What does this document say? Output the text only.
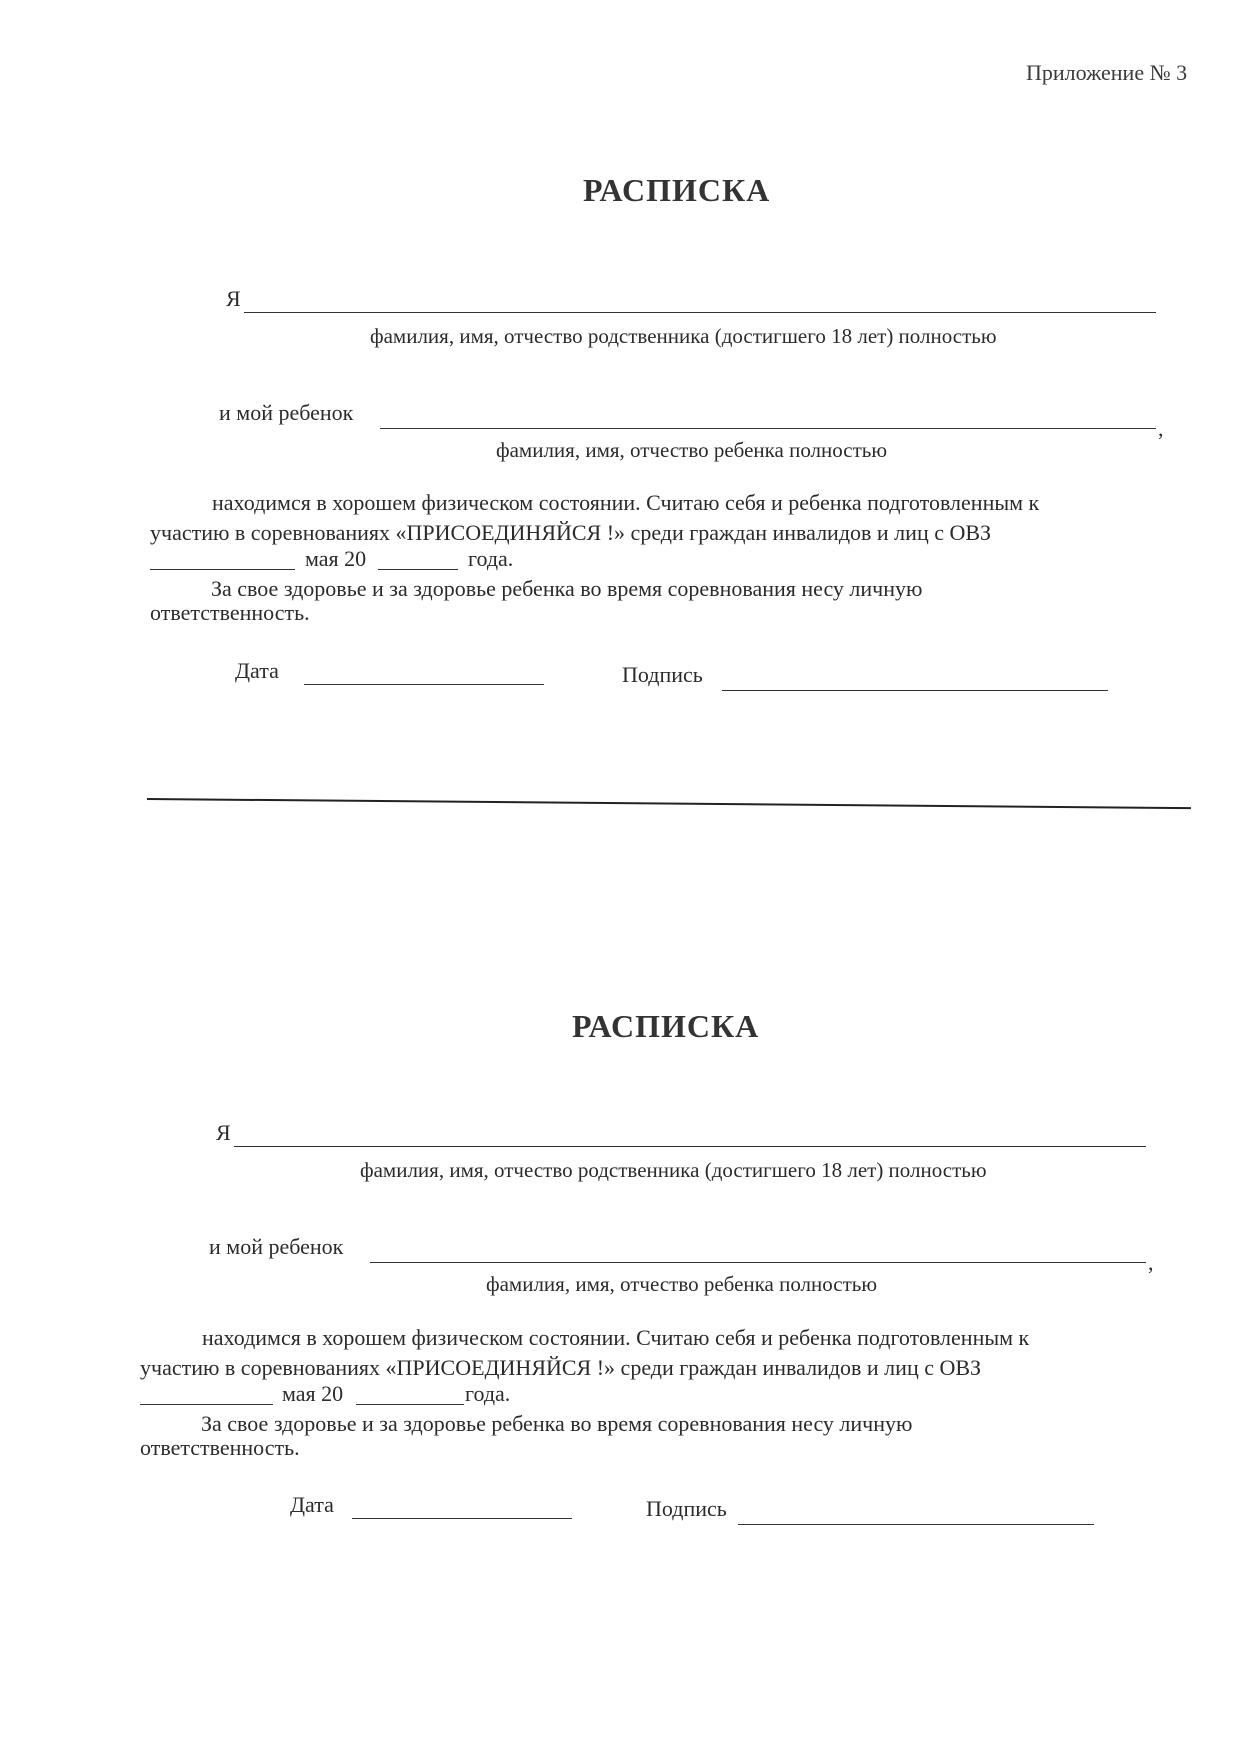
Приложение № 3
РАСПИСКА
Я
фамилия, имя, отчество родственника (достигшего 18 лет) полностью
и мой ребенок
,
фамилия, имя, отчество ребенка полностью
находимся в хорошем физическом состоянии. Считаю себя и ребенка подготовленным к
участию в соревнованиях «ПРИСОЕДИНЯЙСЯ !» среди граждан инвалидов и лиц с ОВЗ
мая 20	года.
За свое здоровье и за здоровье ребенка во время соревнования несу личную
ответственность.
Дата	Подпись
РАСПИСКА
Я
фамилия, имя, отчество родственника (достигшего 18 лет) полностью
и мой ребенок
,
фамилия, имя, отчество ребенка полностью
находимся в хорошем физическом состоянии. Считаю себя и ребенка подготовленным к
участию в соревнованиях «ПРИСОЕДИНЯЙСЯ !» среди граждан инвалидов и лиц с ОВЗ
мая 20	года.
За свое здоровье и за здоровье ребенка во время соревнования несу личную
ответственность.
Дата	Подпись
